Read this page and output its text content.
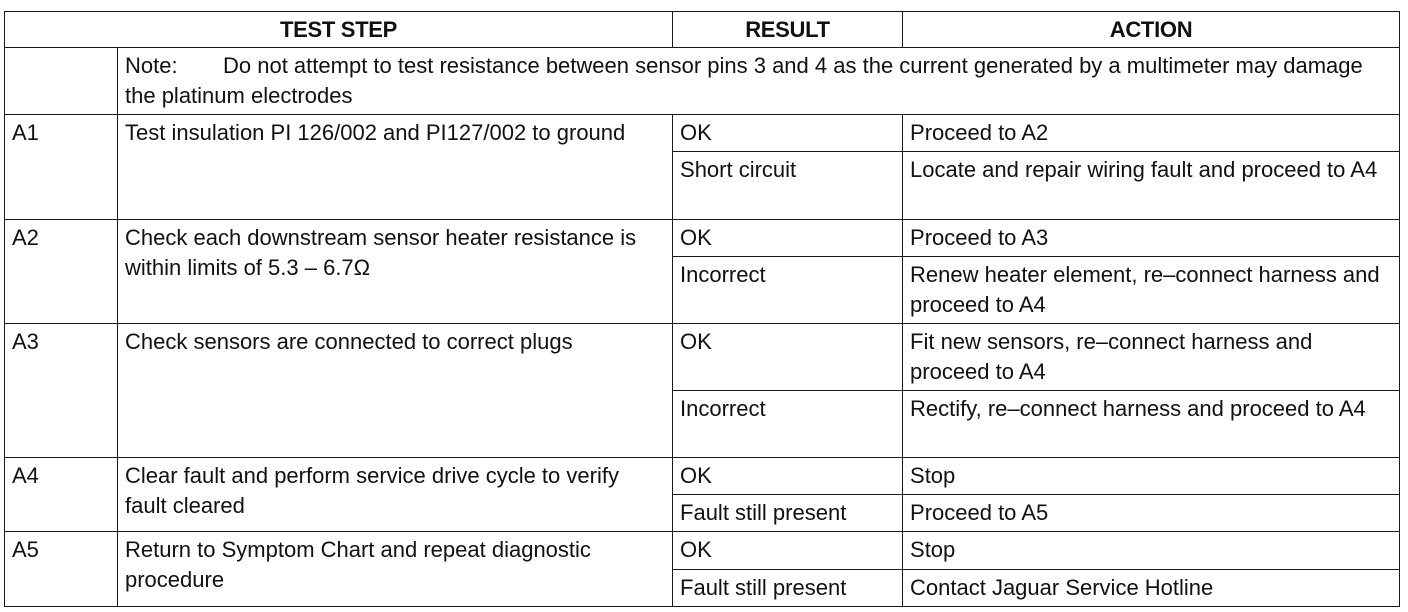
TEST STEP		RESULT	ACTION
	Note: Do not attempt to test resistance between sensor pins 3 and 4 as the current generated by a multimeter may damage the platinum electrodes		
A1	Test insulation PI 126/002 and PI127/002 to ground	OK	Proceed to A2
		Short circuit	Locate and repair wiring fault and proceed to A4
A2	Check each downstream sensor heater resistance is within limits of 5.3 – 6.7Ω	OK	Proceed to A3
		Incorrect	Renew heater element, re–connect harness and proceed to A4
A3	Check sensors are connected to correct plugs	OK	Fit new sensors, re–connect harness and proceed to A4
		Incorrect	Rectify, re–connect harness and proceed to A4
A4	Clear fault and perform service drive cycle to verify fault cleared	OK	Stop
		Fault still present	Proceed to A5
A5	Return to Symptom Chart and repeat diagnostic procedure	OK	Stop
		Fault still present	Contact Jaguar Service Hotline
